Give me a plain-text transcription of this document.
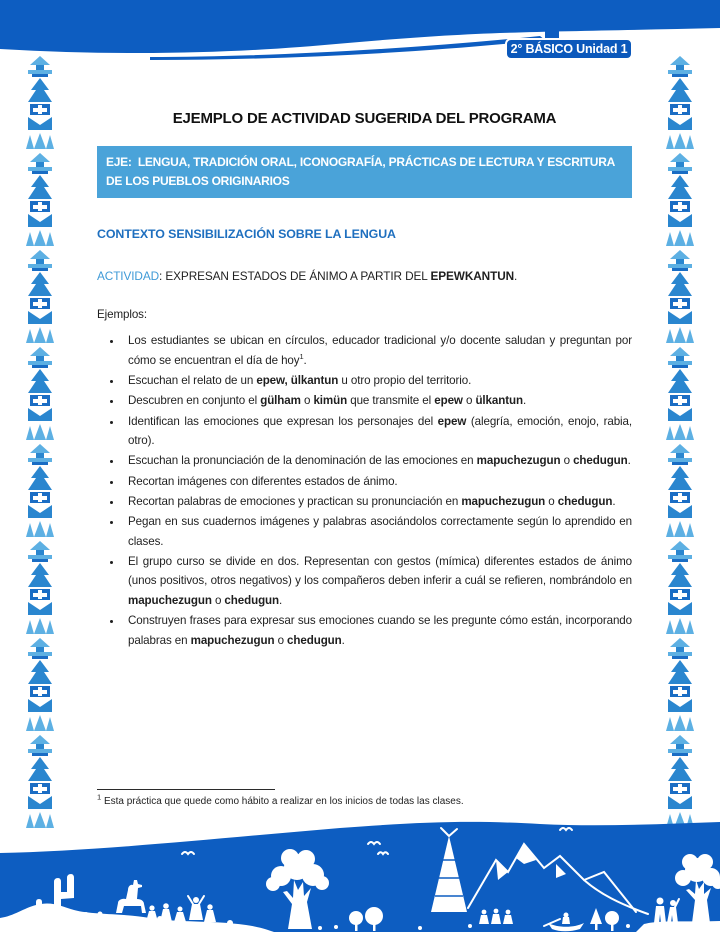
2° BÁSICO Unidad 1
EJEMPLO DE ACTIVIDAD SUGERIDA DEL PROGRAMA
EJE:  LENGUA, TRADICIÓN ORAL, ICONOGRAFÍA, PRÁCTICAS DE LECTURA Y ESCRITURA DE LOS PUEBLOS ORIGINARIOS
CONTEXTO SENSIBILIZACIÓN SOBRE LA LENGUA
ACTIVIDAD: EXPRESAN ESTADOS DE ÁNIMO A PARTIR DEL EPEWKANTUN.
Ejemplos:
• Los estudiantes se ubican en círculos, educador tradicional y/o docente saludan y preguntan por cómo se encuentran el día de hoy$^1$.
• Escuchan el relato de un epew, ülkantun u otro propio del territorio.
• Descubren en conjunto el gülham o kimün que transmite el epew o ülkantun.
• Identifican las emociones que expresan los personajes del epew (alegría, emoción, enojo, rabia, otro).
• Escuchan la pronunciación de la denominación de las emociones en mapuchezugun o chedugun.
• Recortan imágenes con diferentes estados de ánimo.
• Recortan palabras de emociones y practican su pronunciación en mapuchezugun o chedugun.
• Pegan en sus cuadernos imágenes y palabras asociándolos correctamente según lo aprendido en clases.
• El grupo curso se divide en dos. Representan con gestos (mímica) diferentes estados de ánimo (unos positivos, otros negativos) y los compañeros deben inferir a cuál se refieren, nombrándolo en mapuchezugun o chedugun.
• Construyen frases para expresar sus emociones cuando se les pregunte cómo están, incorporando palabras en mapuchezugun o chedugun.
$^1$ Esta práctica que quede como hábito a realizar en los inicios de todas las clases.
